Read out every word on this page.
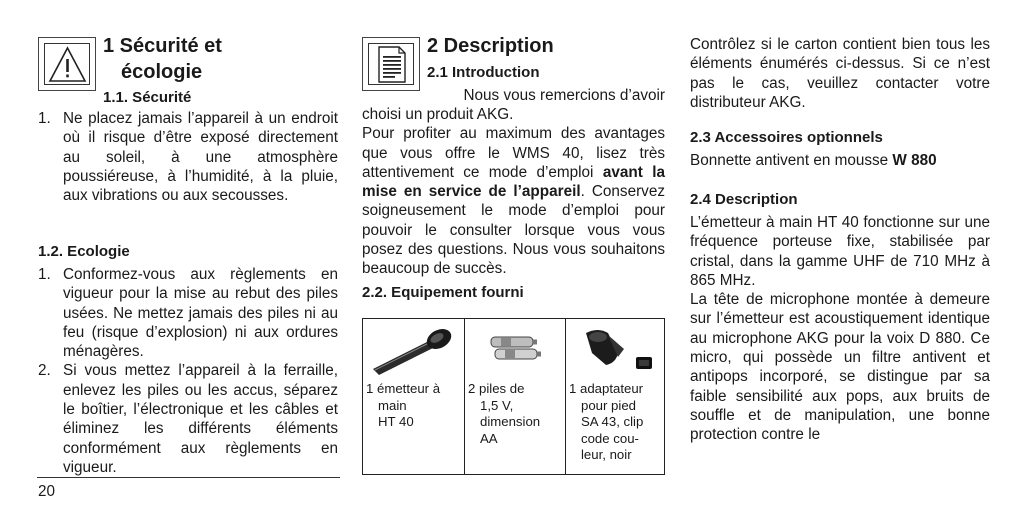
1 Sécurité et
écologie
1.1. Sécurité
1. Ne placez jamais l’appareil à un endroit où il risque d’être exposé directement au soleil, à une atmosphère poussiéreuse, à l’humidité, à la pluie, aux vibrations ou aux secousses.
1.2. Ecologie
1. Conformez-vous aux règlements en vigueur pour la mise au rebut des piles usées. Ne mettez jamais des piles ni au feu (risque d’explosion) ni aux ordures ménagères.
2. Si vous mettez l’appareil à la ferraille, enlevez les piles ou les accus, séparez le boîtier, l’électronique et les câbles et éliminez les différents éléments conformément aux règlements en vigueur.
20
2 Description
2.1 Introduction
Nous vous remercions d’avoir
choisi un produit AKG.
Pour profiter au maximum des avantages que vous offre le WMS 40, lisez très attentivement ce mode d’emploi avant la mise en service de l’appareil. Conservez soigneusement le mode d’emploi pour pouvoir le consulter lorsque vous vous posez des questions. Nous vous souhaitons beaucoup de succès.
2.2. Equipement fourni
1 émetteur à
main
HT 40
2 piles de
1,5 V,
dimension
AA
1 adaptateur
pour pied
SA 43, clip
code cou-
leur, noir
Contrôlez si le carton contient bien tous les éléments énumérés ci-dessus. Si ce n’est pas le cas, veuillez contacter votre distributeur AKG.
2.3 Accessoires optionnels
Bonnette antivent en mousse W 880
2.4 Description
L’émetteur à main HT 40 fonctionne sur une fréquence porteuse fixe, stabilisée par cristal, dans la gamme UHF de 710 MHz à 865 MHz.
La tête de microphone montée à demeure sur l’émetteur est acoustiquement identique au microphone AKG pour la voix D 880. Ce micro, qui possède un filtre antivent et antipops incorporé, se distingue par sa faible sensibilité aux pops, aux bruits de souffle et de manipulation, une bonne protection contre le
